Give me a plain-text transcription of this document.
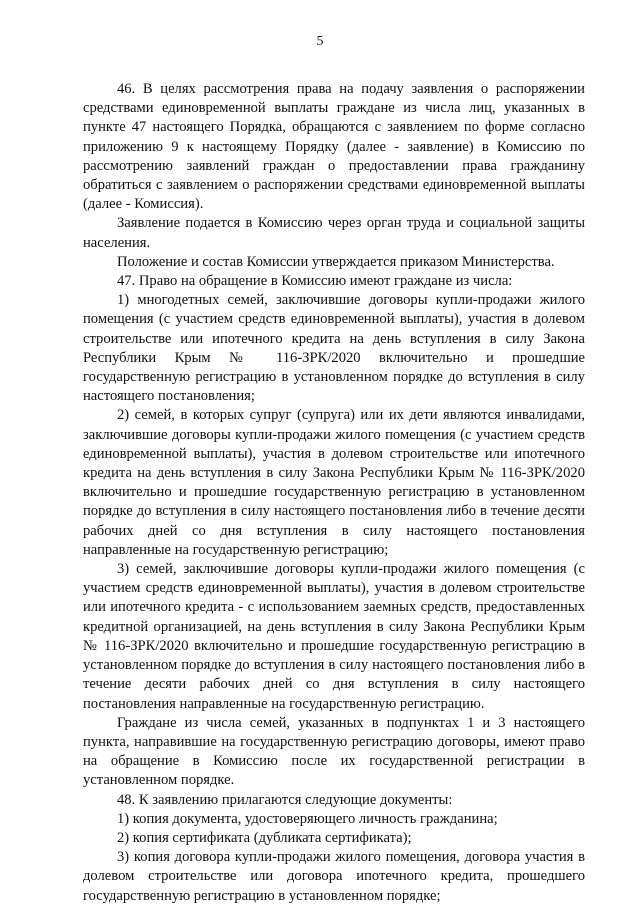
5

46. В целях рассмотрения права на подачу заявления о распоряжении средствами единовременной выплаты граждане из числа лиц, указанных в пункте 47 настоящего Порядка, обращаются с заявлением по форме согласно приложению 9 к настоящему Порядку (далее - заявление) в Комиссию по рассмотрению заявлений граждан о предоставлении права гражданину обратиться с заявлением о распоряжении средствами единовременной выплаты (далее - Комиссия).

Заявление подается в Комиссию через орган труда и социальной защиты населения.

Положение и состав Комиссии утверждается приказом Министерства.

47. Право на обращение в Комиссию имеют граждане из числа:

1) многодетных семей, заключившие договоры купли-продажи жилого помещения (с участием средств единовременной выплаты), участия в долевом строительстве или ипотечного кредита на день вступления в силу Закона Республики Крым № 116-ЗРК/2020 включительно и прошедшие государственную регистрацию в установленном порядке до вступления в силу настоящего постановления;

2) семей, в которых супруг (супруга) или их дети являются инвалидами, заключившие договоры купли-продажи жилого помещения (с участием средств единовременной выплаты), участия в долевом строительстве или ипотечного кредита на день вступления в силу Закона Республики Крым № 116-ЗРК/2020 включительно и прошедшие государственную регистрацию в установленном порядке до вступления в силу настоящего постановления либо в течение десяти рабочих дней со дня вступления в силу настоящего постановления направленные на государственную регистрацию;

3) семей, заключившие договоры купли-продажи жилого помещения (с участием средств единовременной выплаты), участия в долевом строительстве или ипотечного кредита - с использованием заемных средств, предоставленных кредитной организацией, на день вступления в силу Закона Республики Крым № 116-ЗРК/2020 включительно и прошедшие государственную регистрацию в установленном порядке до вступления в силу настоящего постановления либо в течение десяти рабочих дней со дня вступления в силу настоящего постановления направленные на государственную регистрацию.

Граждане из числа семей, указанных в подпунктах 1 и 3 настоящего пункта, направившие на государственную регистрацию договоры, имеют право на обращение в Комиссию после их государственной регистрации в установленном порядке.

48. К заявлению прилагаются следующие документы:

1) копия документа, удостоверяющего личность гражданина;

2) копия сертификата (дубликата сертификата);

3) копия договора купли-продажи жилого помещения, договора участия в долевом строительстве или договора ипотечного кредита, прошедшего государственную регистрацию в установленном порядке;
